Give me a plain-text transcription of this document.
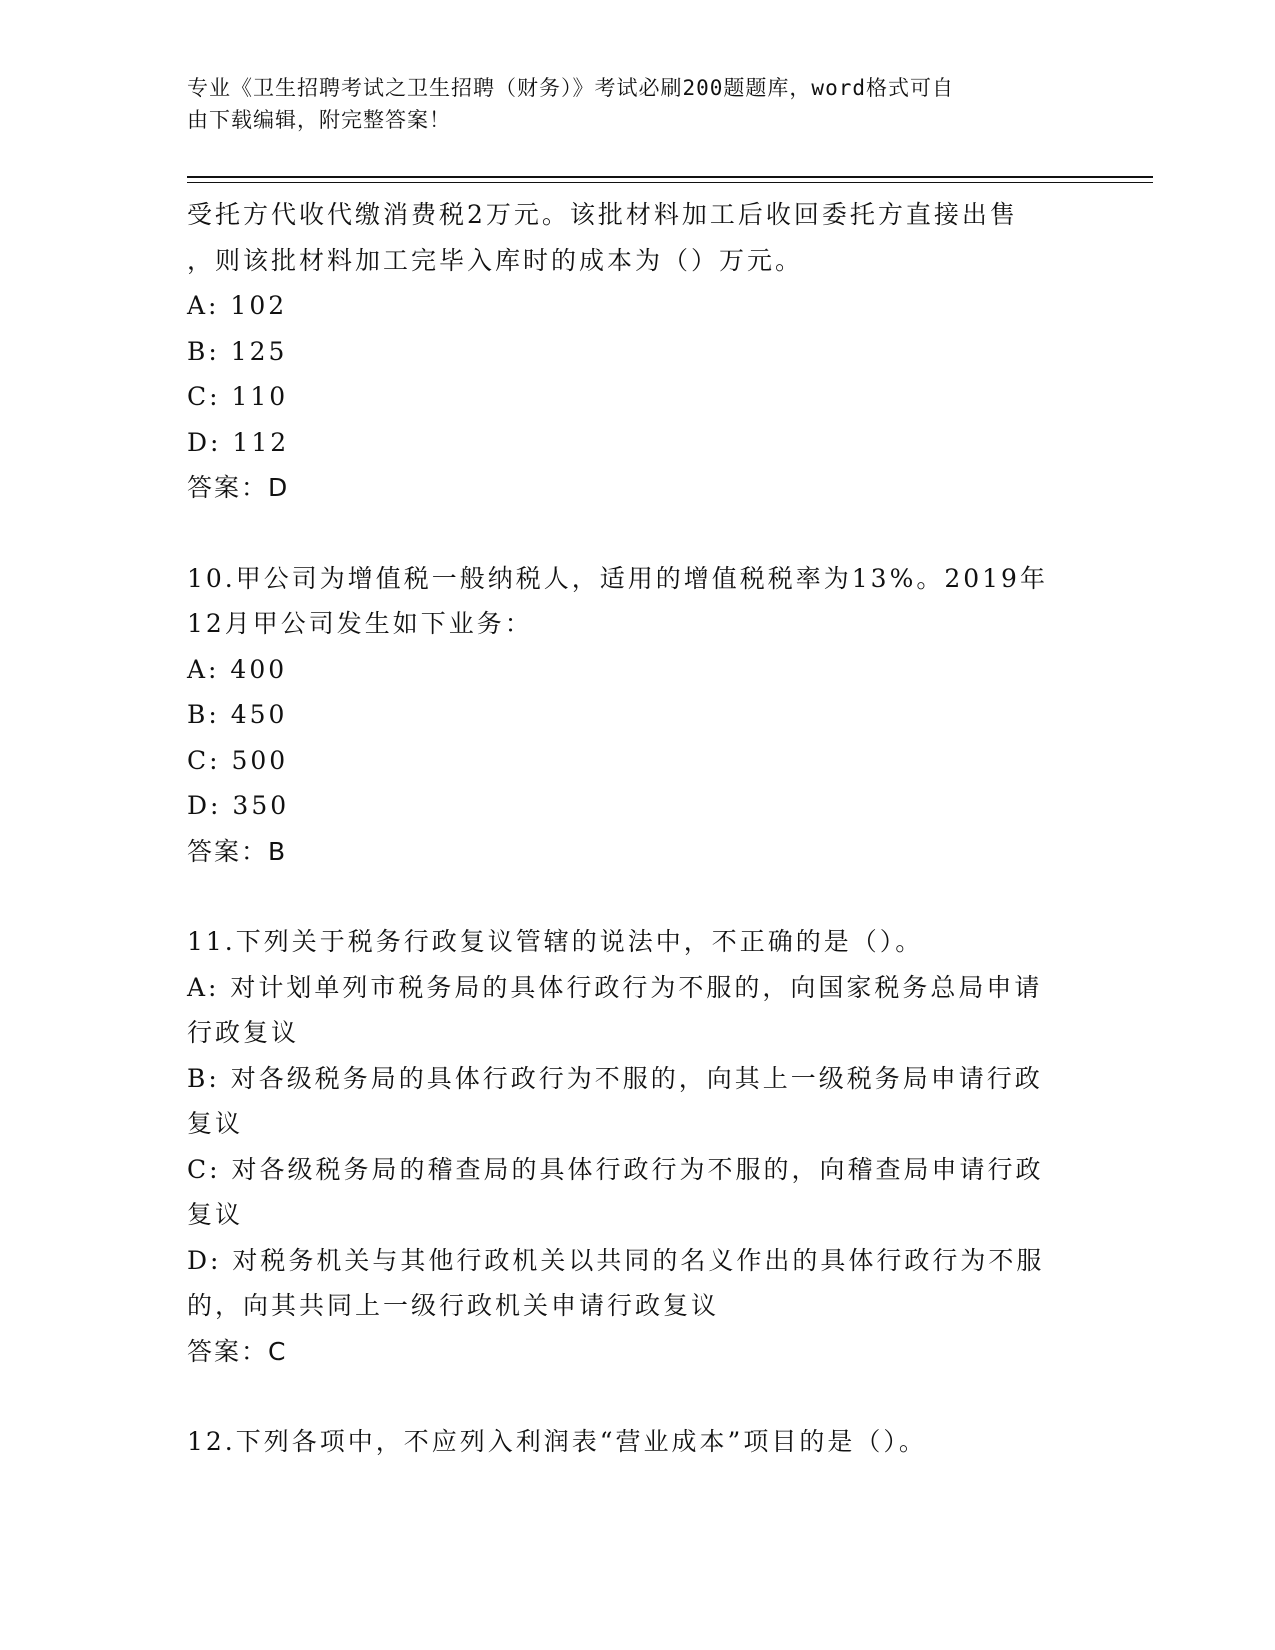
专业《卫生招聘考试之卫生招聘（财务）》考试必刷200题题库，word格式可自
由下载编辑，附完整答案！
受托方代收代缴消费税2万元。该批材料加工后收回委托方直接出售
，则该批材料加工完毕入库时的成本为（）万元。
A: 102
B: 125
C: 110
D: 112
答案：D
10.甲公司为增值税一般纳税人，适用的增值税税率为13%。2019年
12月甲公司发生如下业务：
A: 400
B: 450
C: 500
D: 350
答案：B
11.下列关于税务行政复议管辖的说法中，不正确的是（）。
A: 对计划单列市税务局的具体行政行为不服的，向国家税务总局申请
行政复议
B: 对各级税务局的具体行政行为不服的，向其上一级税务局申请行政
复议
C: 对各级税务局的稽查局的具体行政行为不服的，向稽查局申请行政
复议
D: 对税务机关与其他行政机关以共同的名义作出的具体行政行为不服
的，向其共同上一级行政机关申请行政复议
答案：C
12.下列各项中，不应列入利润表“营业成本”项目的是（）。
